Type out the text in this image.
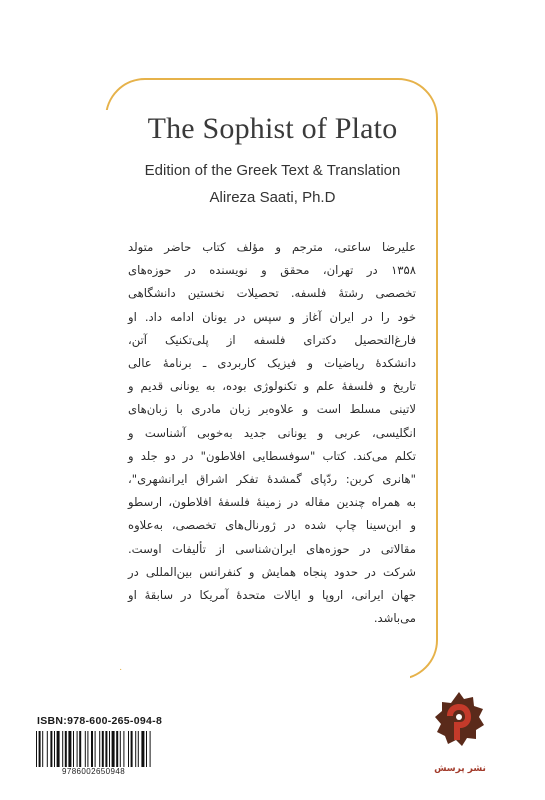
The Sophist of Plato
Edition of the Greek Text & Translation
Alireza Saati, Ph.D
علیرضا ساعتی، مترجم و مؤلف کتاب حاضر متولد
۱۳۵۸ در تهران، محقق و نویسنده در حوزه‌های
تخصصی رشتهٔ فلسفه. تحصیلات نخستین دانشگاهی
خود را در ایران آغاز و سپس در یونان ادامه داد. او
فارغ‌التحصیل دکترای فلسفه از پلی‌تکنیک آتن،
دانشکدهٔ ریاضیات و فیزیک کاربردی ـ برنامهٔ عالی
تاریخ و فلسفهٔ علم و تکنولوژی بوده، به یونانی قدیم و
لاتینی مسلط است و علاوه‌بر زبان مادری با زبان‌های
انگلیسی، عربی و یونانی جدید به‌خوبی آشناست و
تکلم می‌کند. کتاب "سوفسطایی افلاطون" در دو جلد و
"هانری کربن: ردّپای گمشدهٔ تفکر اشراق ایرانشهری"،
به همراه چندین مقاله در زمینهٔ فلسفهٔ افلاطون، ارسطو
و ابن‌سینا چاپ شده در ژورنال‌های تخصصی، به‌علاوه
مقالاتی در حوزه‌های ایران‌شناسی از تألیفات اوست.
شرکت در حدود پنجاه همایش و کنفرانس بین‌المللی در
جهان ایرانی، اروپا و ایالات متحدهٔ آمریکا در سابقهٔ او
می‌باشد.
ISBN:978-600-265-094-8
9786002650948	نشر پرسش
